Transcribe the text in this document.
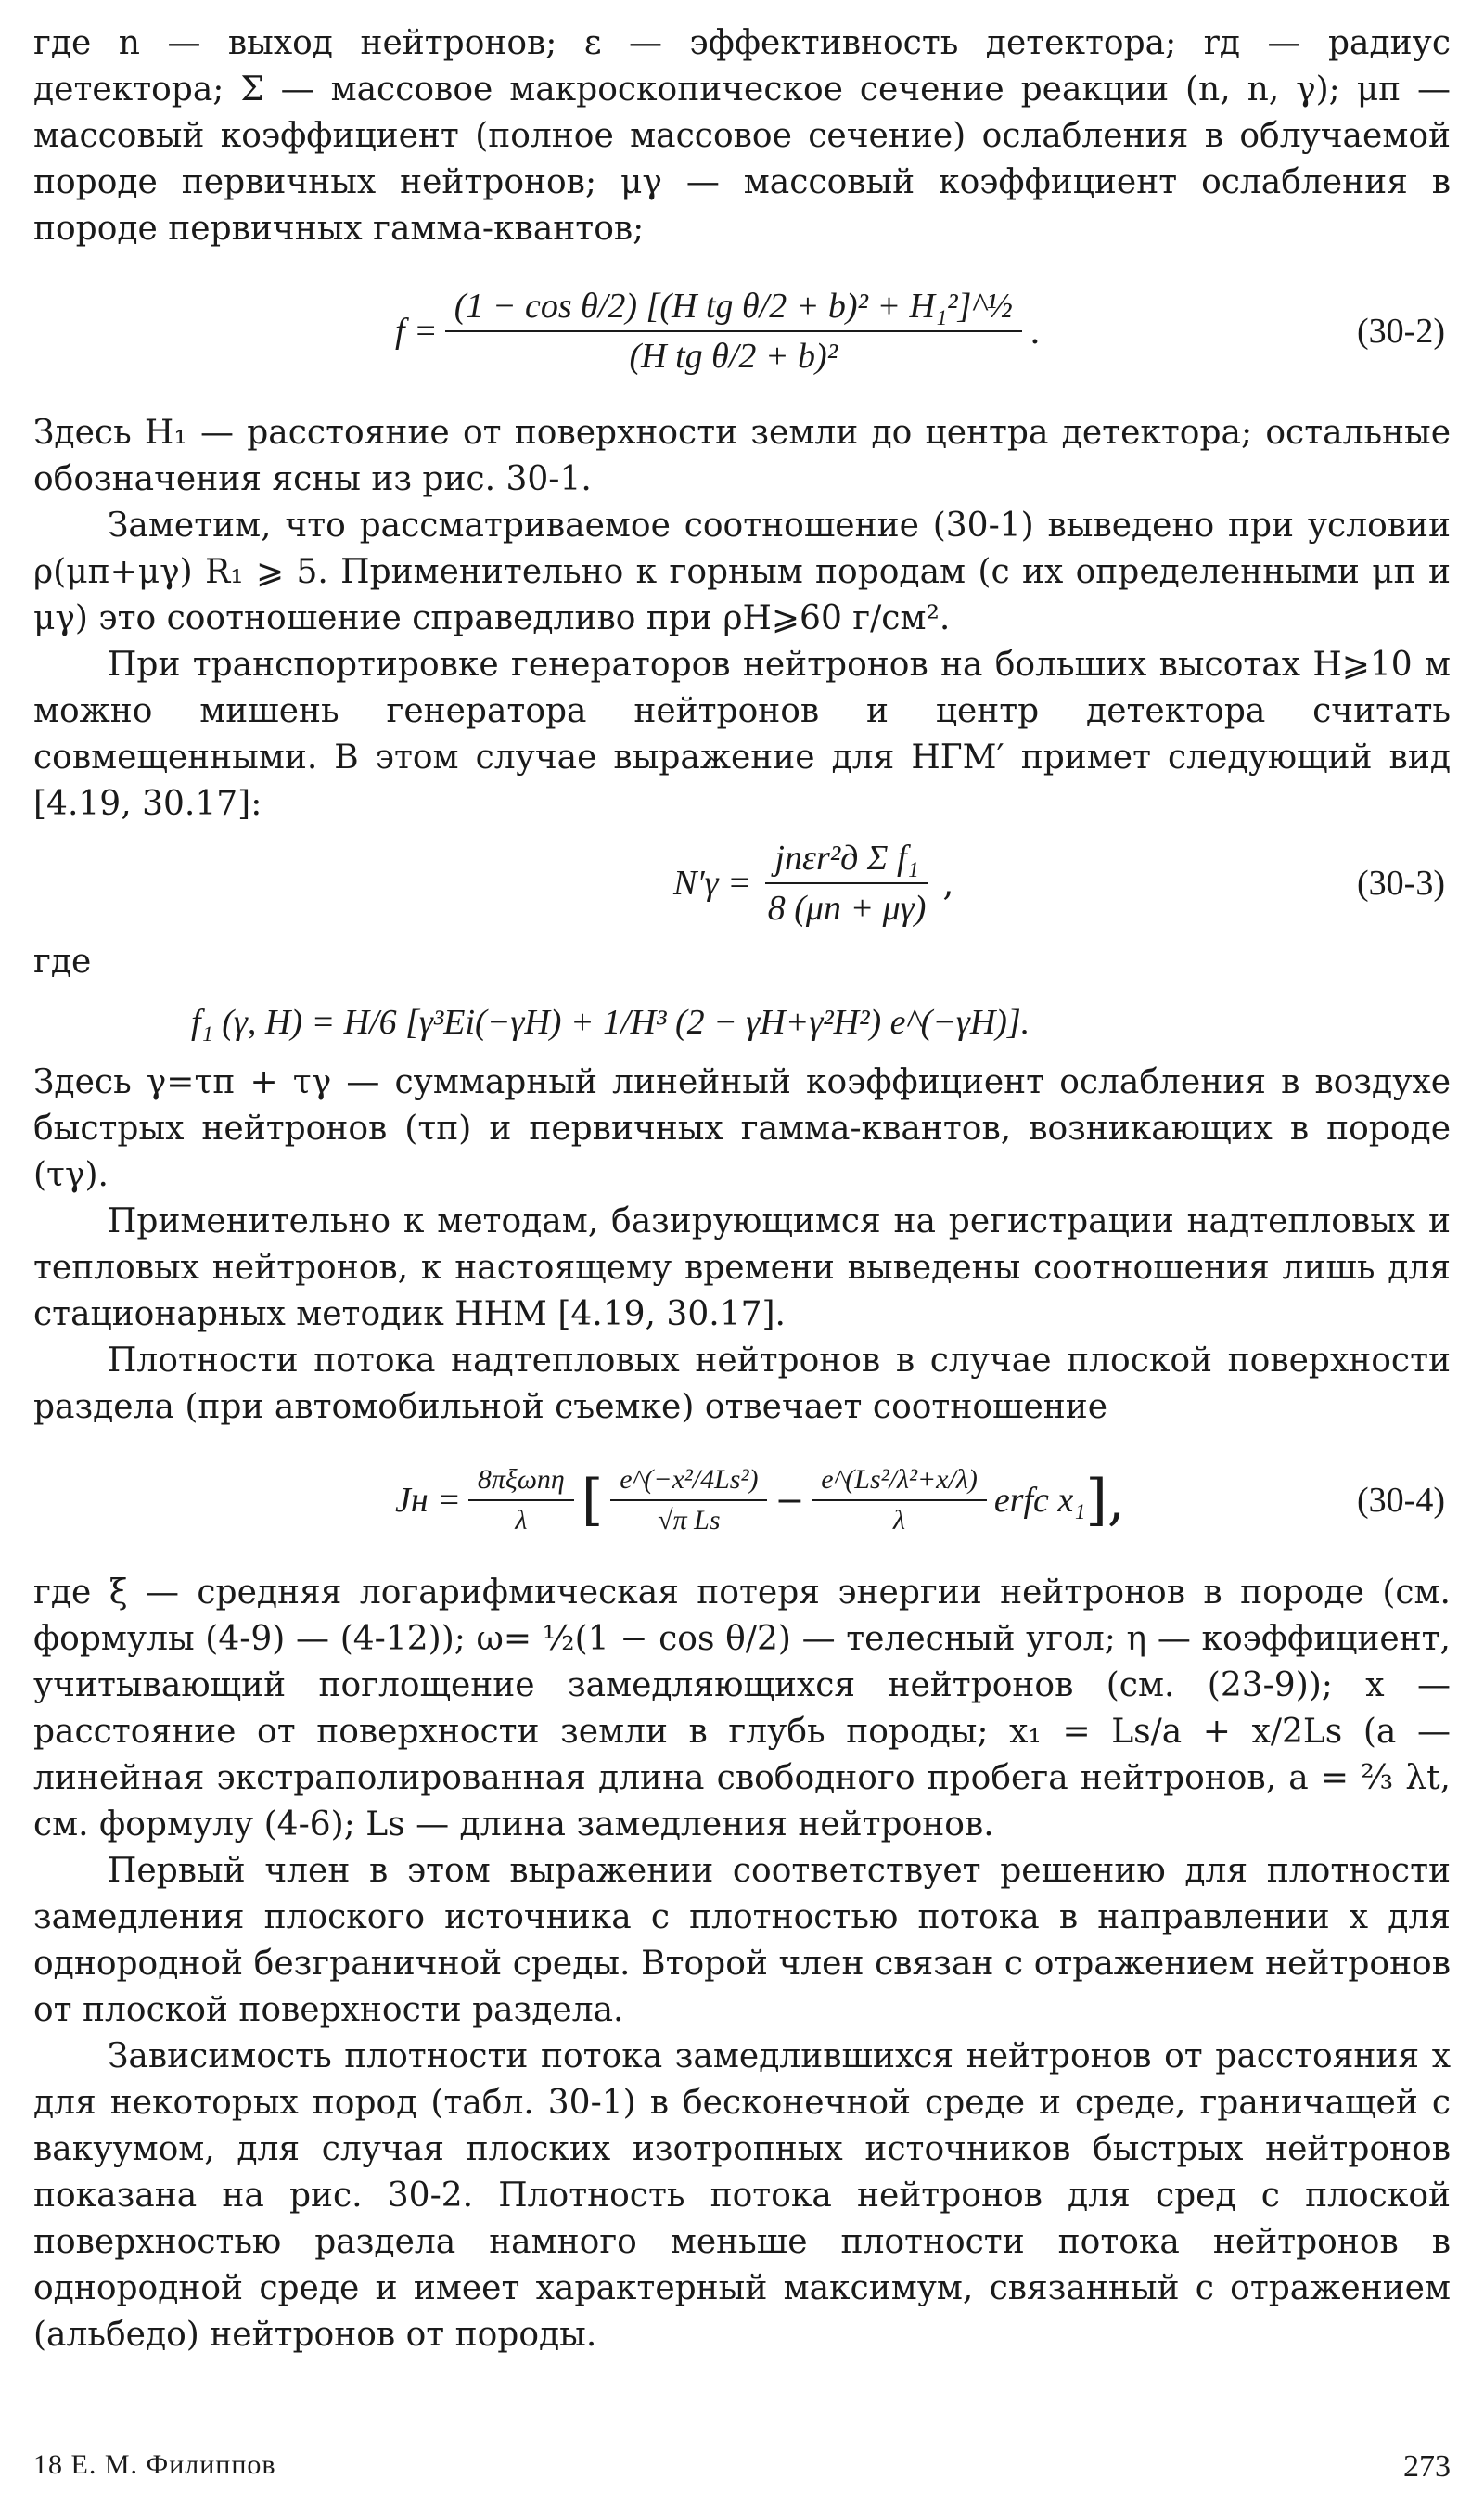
где n — выход нейтронов; ε — эффективность детектора; rд — радиус детектора; Σ — массовое макроскопическое сечение реакции (n, n, γ); μп — массовый коэффициент (полное массовое сечение) ослабления в облучаемой породе первичных нейтронов; μγ — массовый коэффициент ослабления в породе первичных гамма-квантов;

$f = \frac{\text{(1 − cos θ/2) [(H tg θ/2 + b)² + H₁²]\textasciicircum{}½}}{\text{(H tg θ/2 + b)²}}$ .	(30-2)

Здесь H₁ — расстояние от поверхности земли до центра детектора; остальные обозначения ясны из рис. 30-1.

Заметим, что рассматриваемое соотношение (30-1) выведено при условии ρ(μп+μγ) R₁ ⩾ 5. Применительно к горным породам (с их определенными μп и μγ) это соотношение справедливо при ρH⩾60 г/см².

При транспортировке генераторов нейтронов на больших высотах H⩾10 м можно мишень генератора нейтронов и центр детектора считать совмещенными. В этом случае выражение для НГМ′ примет следующий вид [4.19, 30.17]:

$N'\gamma = \frac{\text{jnεr²д Σ f₁}}{8 (\mu п + \mu\gamma)}$ ,	(30-3)

где

f₁ (γ, H) = H/6 [γ³Ei(−γH) + 1/H³ (2 − γH+γ²H²) e^(−γH)].

Здесь γ=τп + τγ — суммарный линейный коэффициент ослабления в воздухе быстрых нейтронов (τп) и первичных гамма-квантов, возникающих в породе (τγ).

Применительно к методам, базирующимся на регистрации надтепловых и тепловых нейтронов, к настоящему времени выведены соотношения лишь для стационарных методик ННМ [4.19, 30.17].

Плотности потока надтепловых нейтронов в случае плоской поверхности раздела (при автомобильной съемке) отвечает соотношение

Jн = $\frac{\text{8πξωnη}}{\lambda}$ [ $\frac{\text{e\textasciicircum{}(−x²/4Ls²)}}{\text{√π Ls}} - \frac{\text{e\textasciicircum{}(Ls²/λ²+x/λ)}}{\lambda}$ erfc x₁ ],	(30-4)

где ξ — средняя логарифмическая потеря энергии нейтронов в породе (см. формулы (4-9) — (4-12)); ω= ½(1 − cos θ/2) — телесный угол; η — коэффициент, учитывающий поглощение замедляющихся нейтронов (см. (23-9)); x — расстояние от поверхности земли в глубь породы; x₁ = Ls/a + x/2Ls (a — линейная экстраполированная длина свободного пробега нейтронов, a = ⅔ λt, см. формулу (4-6); Ls — длина замедления нейтронов.

Первый член в этом выражении соответствует решению для плотности замедления плоского источника с плотностью потока в направлении x для однородной безграничной среды. Второй член связан с отражением нейтронов от плоской поверхности раздела.

Зависимость плотности потока замедлившихся нейтронов от расстояния x для некоторых пород (табл. 30-1) в бесконечной среде и среде, граничащей с вакуумом, для случая плоских изотропных источников быстрых нейтронов показана на рис. 30-2. Плотность потока нейтронов для сред с плоской поверхностью раздела намного меньше плотности потока нейтронов в однородной среде и имеет характерный максимум, связанный с отражением (альбедо) нейтронов от породы.

18 Е. М. Филиппов	273
